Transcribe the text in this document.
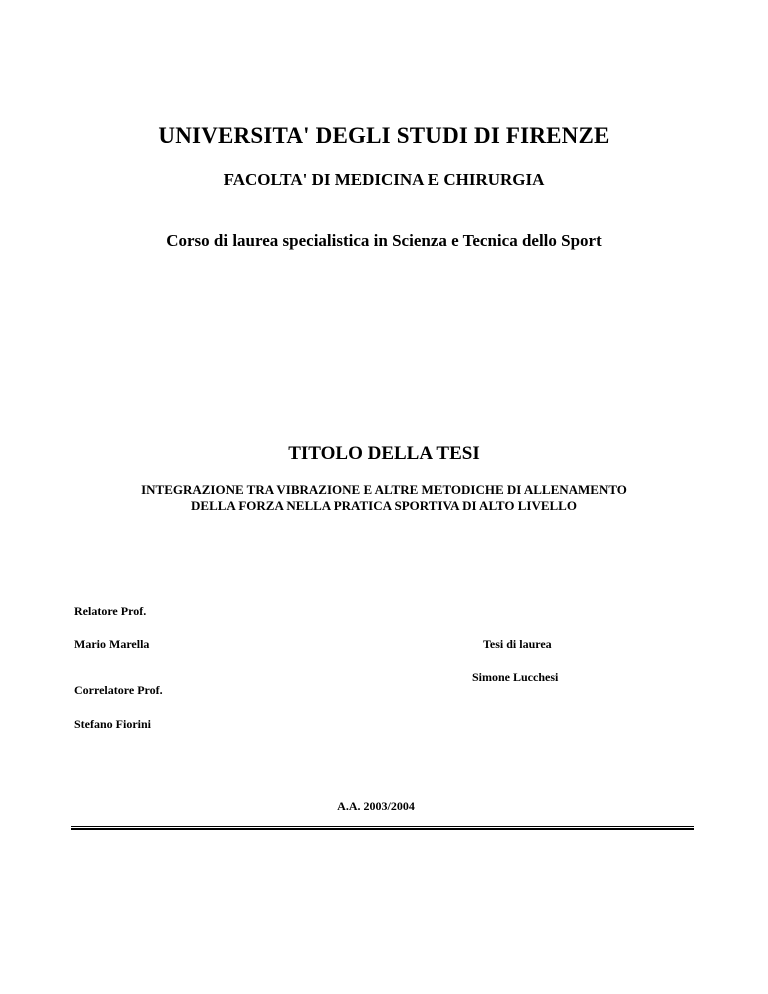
UNIVERSITA' DEGLI STUDI DI FIRENZE
FACOLTA' DI MEDICINA E CHIRURGIA
Corso di laurea specialistica in Scienza e Tecnica dello Sport
TITOLO DELLA TESI
INTEGRAZIONE TRA VIBRAZIONE E ALTRE METODICHE DI ALLENAMENTO
DELLA FORZA NELLA PRATICA SPORTIVA DI ALTO LIVELLO
Relatore Prof.
Mario Marella	Tesi di laurea
Simone Lucchesi
Correlatore Prof.
Stefano Fiorini
A.A. 2003/2004
